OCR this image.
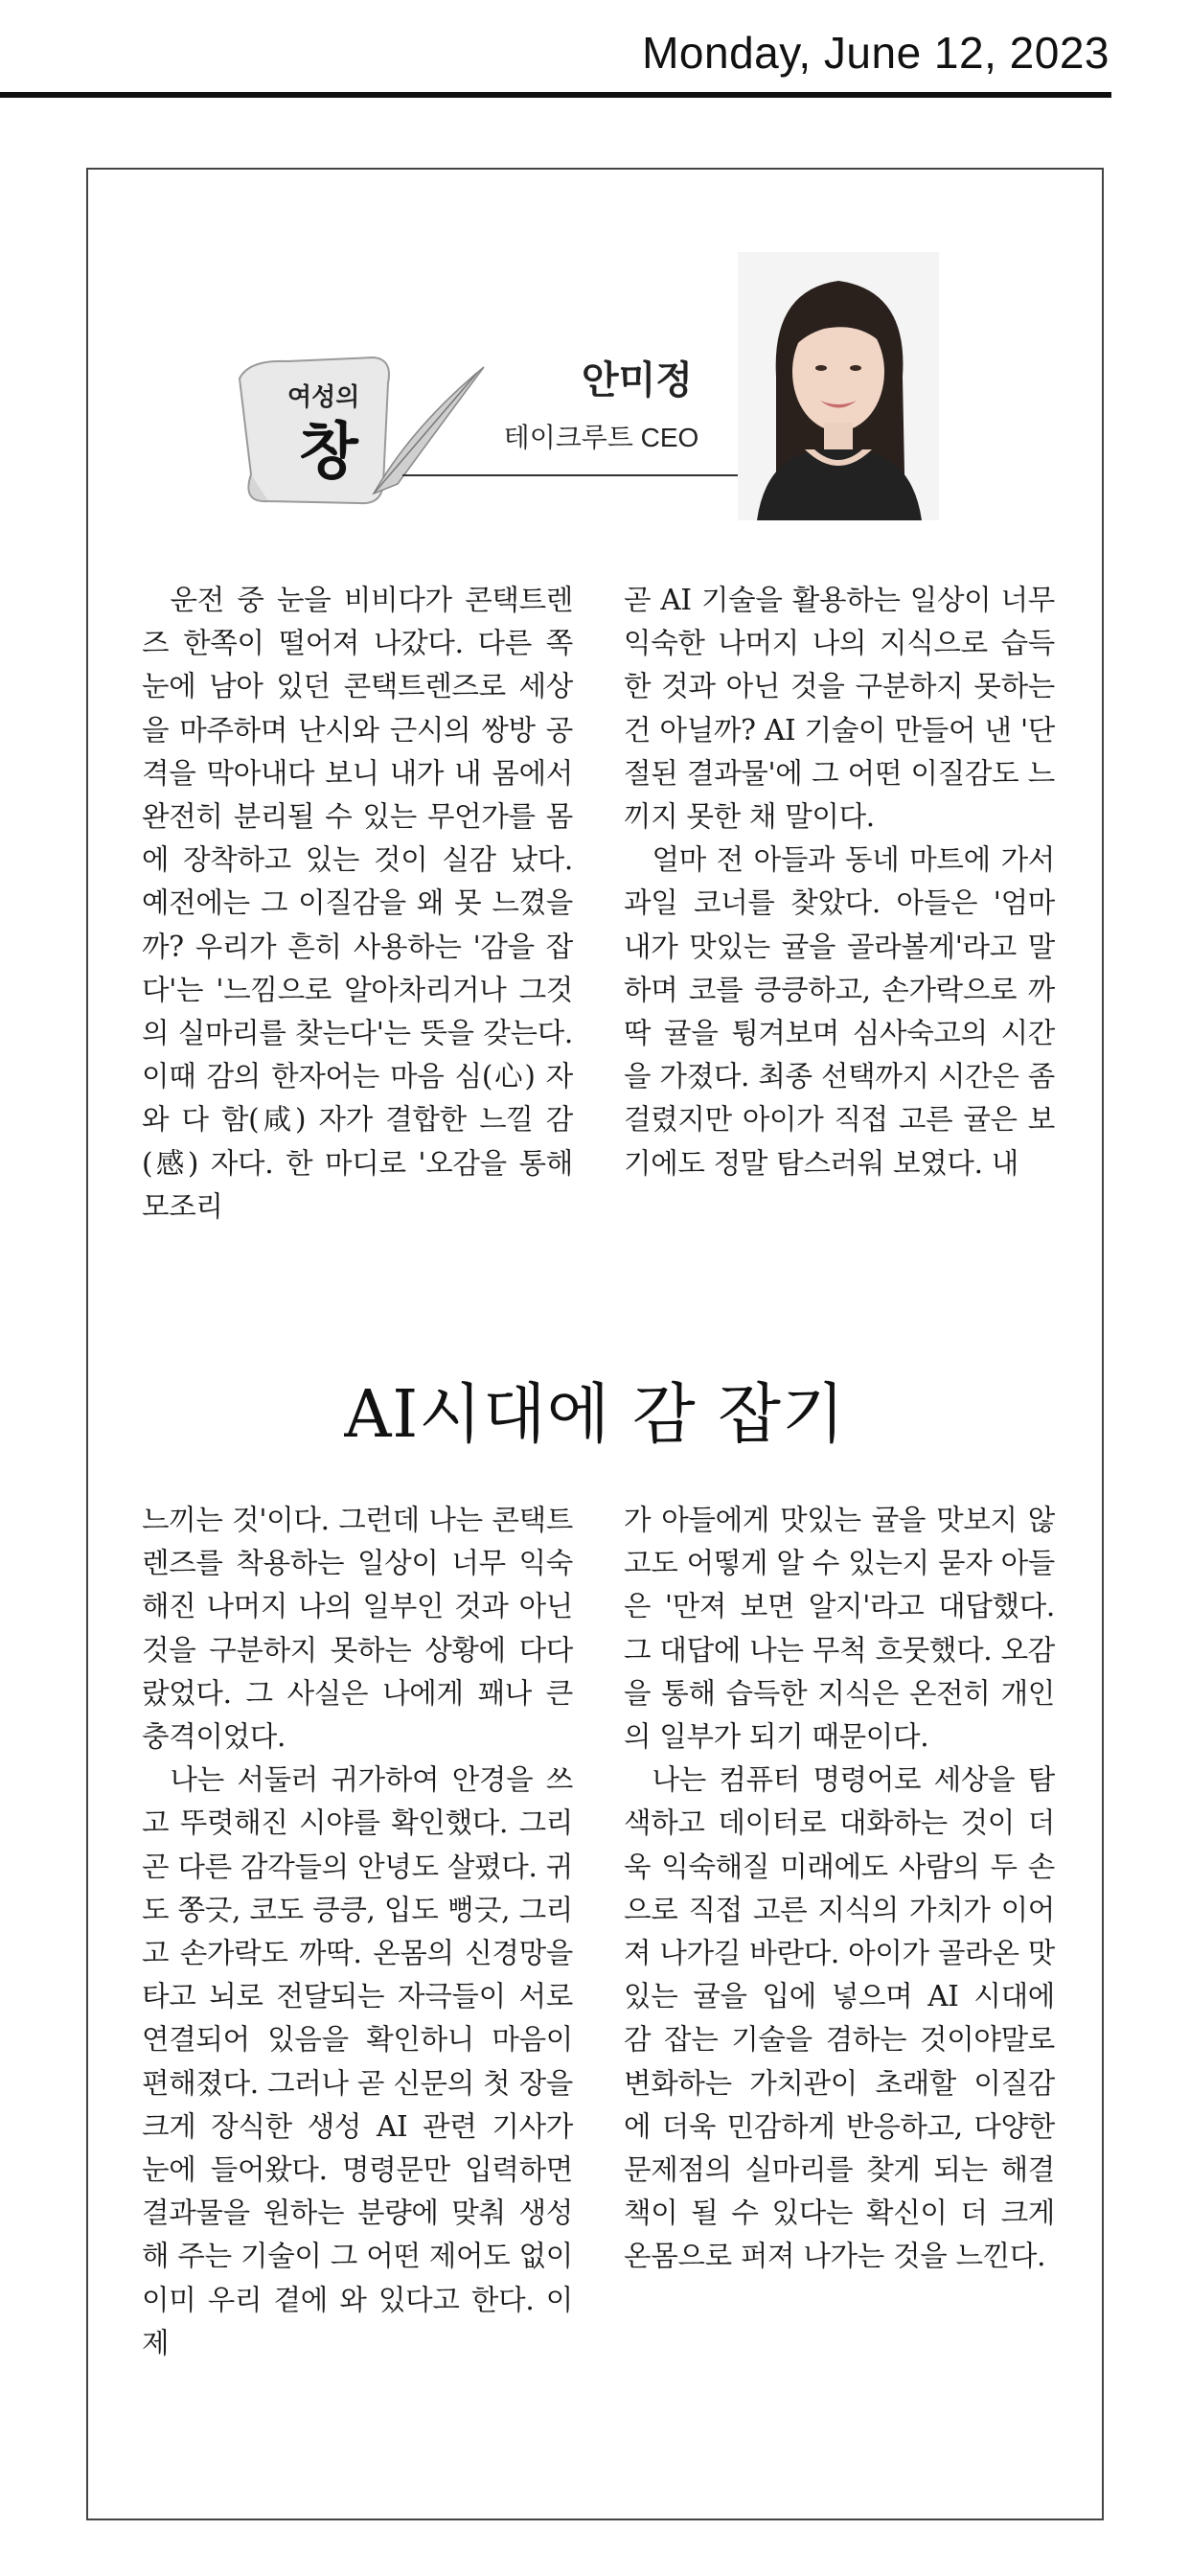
Monday, June 12, 2023
여성의
창
안미정
테이크루트 CEO

운전 중 눈을 비비다가 콘택트렌즈 한쪽이 떨어져 나갔다. 다른 쪽 눈에 남아 있던 콘택트렌즈로 세상을 마주하며 난시와 근시의 쌍방 공격을 막아내다 보니 내가 내 몸에서 완전히 분리될 수 있는 무언가를 몸에 장착하고 있는 것이 실감 났다. 예전에는 그 이질감을 왜 못 느꼈을까? 우리가 흔히 사용하는 '감을 잡다'는 '느낌으로 알아차리거나 그것의 실마리를 찾는다'는 뜻을 갖는다. 이때 감의 한자어는 마음 심(心) 자와 다 함(咸) 자가 결합한 느낄 감(感) 자다. 한 마디로 '오감을 통해 모조리

곧 AI 기술을 활용하는 일상이 너무 익숙한 나머지 나의 지식으로 습득한 것과 아닌 것을 구분하지 못하는 건 아닐까? AI 기술이 만들어 낸 '단절된 결과물'에 그 어떤 이질감도 느끼지 못한 채 말이다.

얼마 전 아들과 동네 마트에 가서 과일 코너를 찾았다. 아들은 '엄마 내가 맛있는 귤을 골라볼게'라고 말하며 코를 킁킁하고, 손가락으로 까딱 귤을 튕겨보며 심사숙고의 시간을 가졌다. 최종 선택까지 시간은 좀 걸렸지만 아이가 직접 고른 귤은 보기에도 정말 탐스러워 보였다. 내

AI시대에 감 잡기

느끼는 것'이다. 그런데 나는 콘택트렌즈를 착용하는 일상이 너무 익숙해진 나머지 나의 일부인 것과 아닌 것을 구분하지 못하는 상황에 다다랐었다. 그 사실은 나에게 꽤나 큰 충격이었다.

나는 서둘러 귀가하여 안경을 쓰고 뚜렷해진 시야를 확인했다. 그리곤 다른 감각들의 안녕도 살폈다. 귀도 쫑긋, 코도 킁킁, 입도 뻥긋, 그리고 손가락도 까딱. 온몸의 신경망을 타고 뇌로 전달되는 자극들이 서로 연결되어 있음을 확인하니 마음이 편해졌다. 그러나 곧 신문의 첫 장을 크게 장식한 생성 AI 관련 기사가 눈에 들어왔다. 명령문만 입력하면 결과물을 원하는 분량에 맞춰 생성해 주는 기술이 그 어떤 제어도 없이 이미 우리 곁에 와 있다고 한다. 이제

가 아들에게 맛있는 귤을 맛보지 않고도 어떻게 알 수 있는지 묻자 아들은 '만져 보면 알지'라고 대답했다. 그 대답에 나는 무척 흐뭇했다. 오감을 통해 습득한 지식은 온전히 개인의 일부가 되기 때문이다.

나는 컴퓨터 명령어로 세상을 탐색하고 데이터로 대화하는 것이 더욱 익숙해질 미래에도 사람의 두 손으로 직접 고른 지식의 가치가 이어져 나가길 바란다. 아이가 골라온 맛있는 귤을 입에 넣으며 AI 시대에 감 잡는 기술을 겸하는 것이야말로 변화하는 가치관이 초래할 이질감에 더욱 민감하게 반응하고, 다양한 문제점의 실마리를 찾게 되는 해결책이 될 수 있다는 확신이 더 크게 온몸으로 퍼져 나가는 것을 느낀다.
